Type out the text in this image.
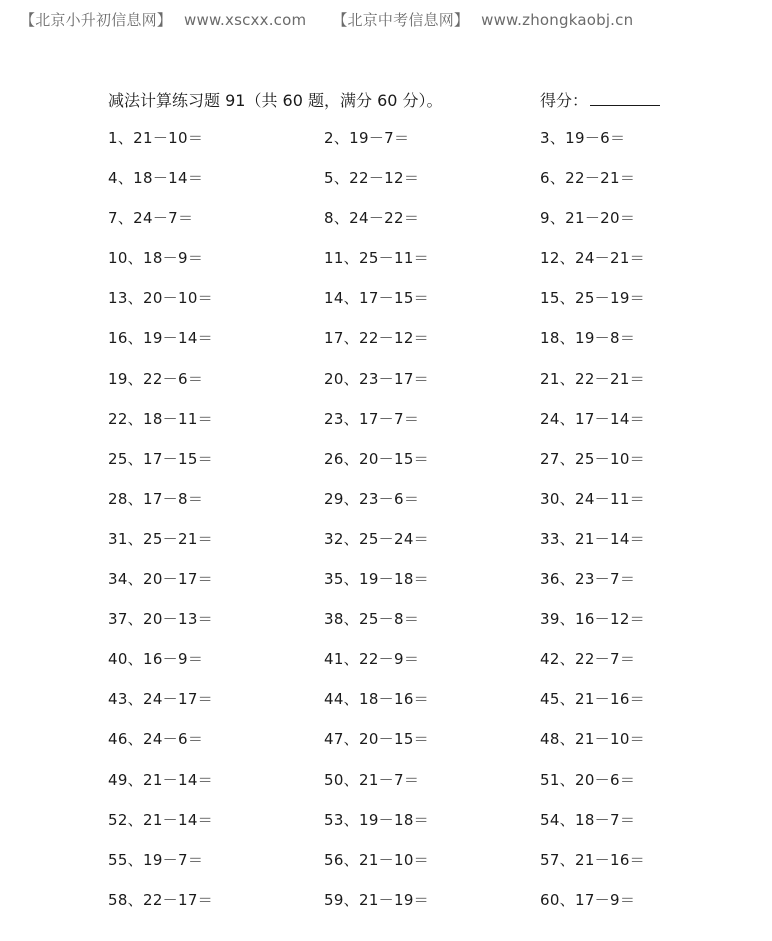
【北京小升初信息网】 www.xscxx.com 【北京中考信息网】 www.zhongkaobj.cn
减法计算练习题 91（共 60 题，满分 60 分）。	得分：
1、21－10＝	2、19－7＝	3、19－6＝
4、18－14＝	5、22－12＝	6、22－21＝
7、24－7＝	8、24－22＝	9、21－20＝
10、18－9＝	11、25－11＝	12、24－21＝
13、20－10＝	14、17－15＝	15、25－19＝
16、19－14＝	17、22－12＝	18、19－8＝
19、22－6＝	20、23－17＝	21、22－21＝
22、18－11＝	23、17－7＝	24、17－14＝
25、17－15＝	26、20－15＝	27、25－10＝
28、17－8＝	29、23－6＝	30、24－11＝
31、25－21＝	32、25－24＝	33、21－14＝
34、20－17＝	35、19－18＝	36、23－7＝
37、20－13＝	38、25－8＝	39、16－12＝
40、16－9＝	41、22－9＝	42、22－7＝
43、24－17＝	44、18－16＝	45、21－16＝
46、24－6＝	47、20－15＝	48、21－10＝
49、21－14＝	50、21－7＝	51、20－6＝
52、21－14＝	53、19－18＝	54、18－7＝
55、19－7＝	56、21－10＝	57、21－16＝
58、22－17＝	59、21－19＝	60、17－9＝
